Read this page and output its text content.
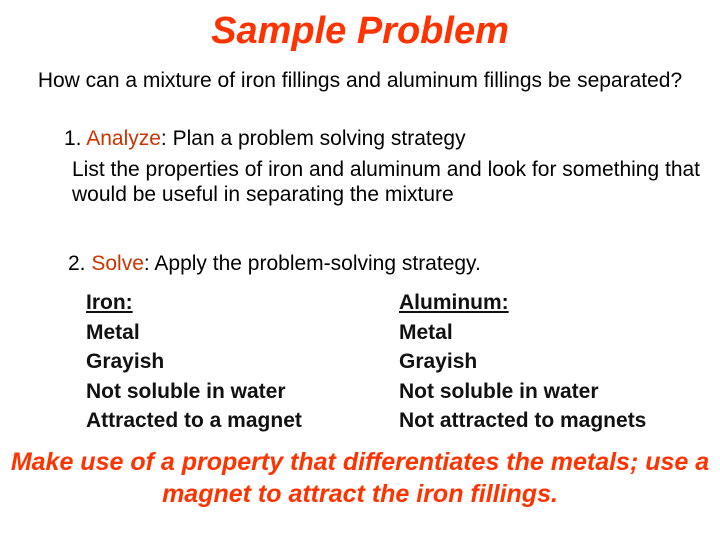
Sample Problem
How can a mixture of iron fillings and aluminum fillings be separated?
1. Analyze: Plan a problem solving strategy
List the properties of iron and aluminum and look for something that would be useful in separating the mixture
2. Solve: Apply the problem-solving strategy.
Iron:
Metal
Grayish
Not soluble in water
Attracted to a magnet
Aluminum:
Metal
Grayish
Not soluble in water
Not attracted to magnets
Make use of a property that differentiates the metals; use a magnet to attract the iron fillings.
